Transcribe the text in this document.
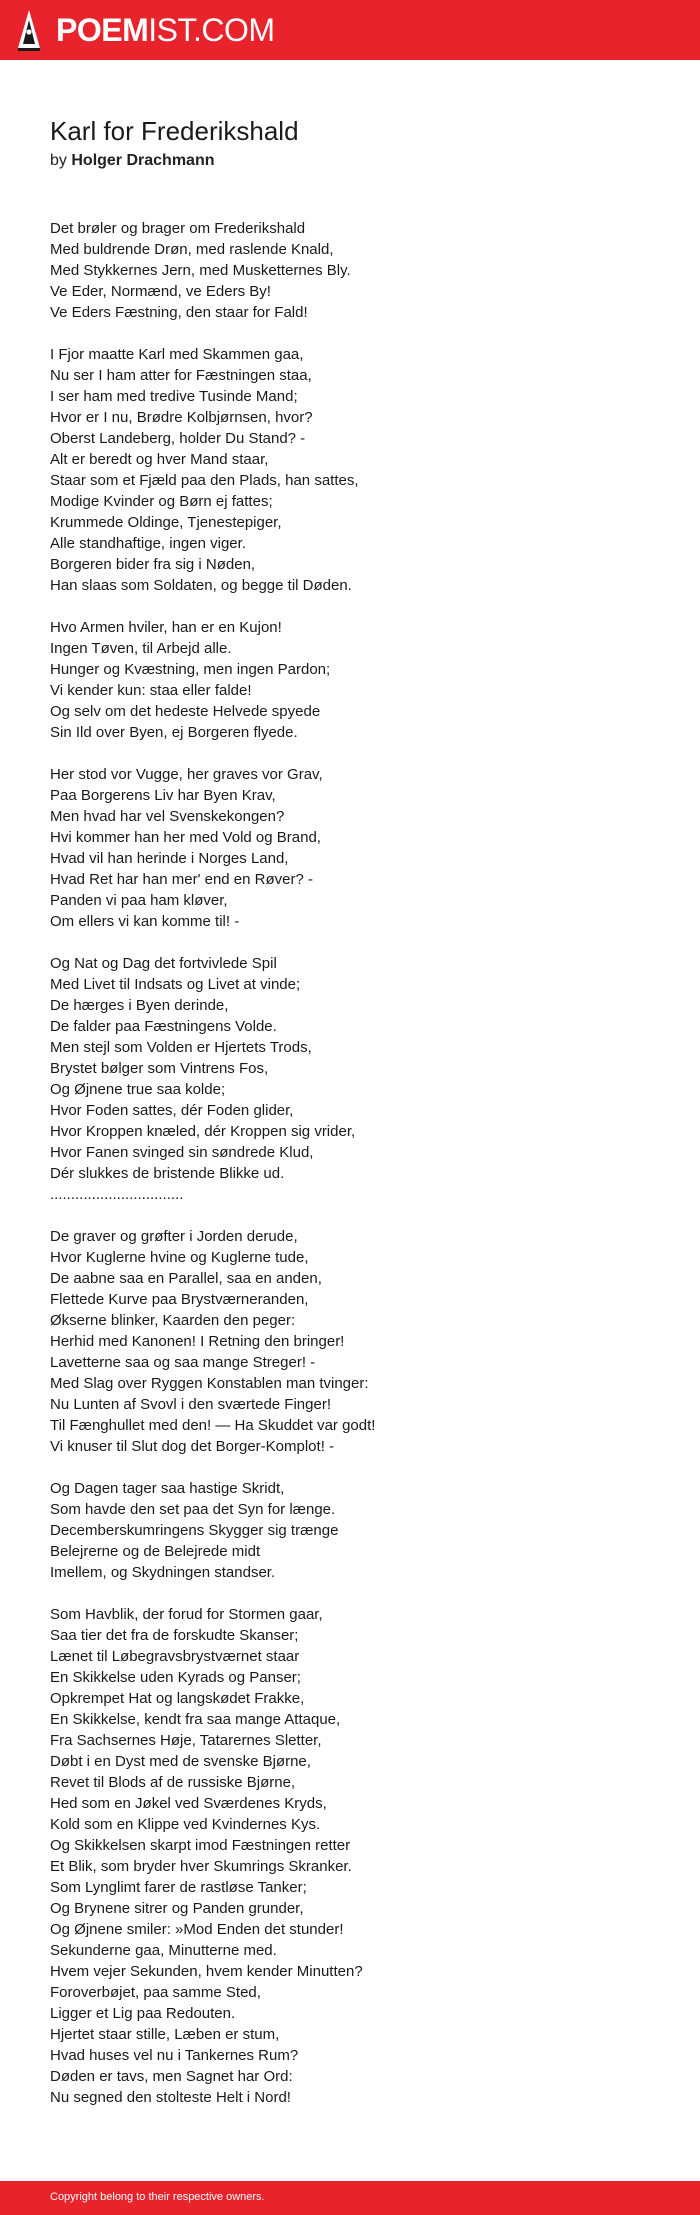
POEMIST.COM
Karl for Frederikshald
by Holger Drachmann
Det brøler og brager om Frederikshald
Med buldrende Drøn, med raslende Knald,
Med Stykkernes Jern, med Musketternes Bly.
Ve Eder, Normænd, ve Eders By!
Ve Eders Fæstning, den staar for Fald!
I Fjor maatte Karl med Skammen gaa,
Nu ser I ham atter for Fæstningen staa,
I ser ham med tredive Tusinde Mand;
Hvor er I nu, Brødre Kolbjørnsen, hvor?
Oberst Landeberg, holder Du Stand? -
Alt er beredt og hver Mand staar,
Staar som et Fjæld paa den Plads, han sattes,
Modige Kvinder og Børn ej fattes;
Krummede Oldinge, Tjenestepiger,
Alle standhaftige, ingen viger.
Borgeren bider fra sig i Nøden,
Han slaas som Soldaten, og begge til Døden.
Hvo Armen hviler, han er en Kujon!
Ingen Tøven, til Arbejd alle.
Hunger og Kvæstning, men ingen Pardon;
Vi kender kun: staa eller falde!
Og selv om det hedeste Helvede spyede
Sin Ild over Byen, ej Borgeren flyede.
Her stod vor Vugge, her graves vor Grav,
Paa Borgerens Liv har Byen Krav,
Men hvad har vel Svenskekongen?
Hvi kommer han her med Vold og Brand,
Hvad vil han herinde i Norges Land,
Hvad Ret har han mer' end en Røver? -
Panden vi paa ham kløver,
Om ellers vi kan komme til! -
Og Nat og Dag det fortvivlede Spil
Med Livet til Indsats og Livet at vinde;
De hærges i Byen derinde,
De falder paa Fæstningens Volde.
Men stejl som Volden er Hjertets Trods,
Brystet bølger som Vintrens Fos,
Og Øjnene true saa kolde;
Hvor Foden sattes, dér Foden glider,
Hvor Kroppen knæled, dér Kroppen sig vrider,
Hvor Fanen svinged sin søndrede Klud,
Dér slukkes de bristende Blikke ud.
................................
De graver og grøfter i Jorden derude,
Hvor Kuglerne hvine og Kuglerne tude,
De aabne saa en Parallel, saa en anden,
Flettede Kurve paa Brystværneranden,
Økserne blinker, Kaarden den peger:
Herhid med Kanonen! I Retning den bringer!
Lavetterne saa og saa mange Streger! -
Med Slag over Ryggen Konstablen man tvinger:
Nu Lunten af Svovl i den sværtede Finger!
Til Fænghullet med den! — Ha Skuddet var godt!
Vi knuser til Slut dog det Borger-Komplot! -
Og Dagen tager saa hastige Skridt,
Som havde den set paa det Syn for længe.
Decemberskumringens Skygger sig trænge
Belejrerne og de Belejrede midt
Imellem, og Skydningen standser.
Som Havblik, der forud for Stormen gaar,
Saa tier det fra de forskudte Skanser;
Lænet til Løbegravsbrystværnet staar
En Skikkelse uden Kyrads og Panser;
Opkrempet Hat og langskødet Frakke,
En Skikkelse, kendt fra saa mange Attaque,
Fra Sachsernes Høje, Tatarernes Sletter,
Døbt i en Dyst med de svenske Bjørne,
Revet til Blods af de russiske Bjørne,
Hed som en Jøkel ved Sværdenes Kryds,
Kold som en Klippe ved Kvindernes Kys.
Og Skikkelsen skarpt imod Fæstningen retter
Et Blik, som bryder hver Skumrings Skranker.
Som Lynglimt farer de rastløse Tanker;
Og Brynene sitrer og Panden grunder,
Og Øjnene smiler: »Mod Enden det stunder!
Sekunderne gaa, Minutterne med.
Hvem vejer Sekunden, hvem kender Minutten?
Foroverbøjet, paa samme Sted,
Ligger et Lig paa Redouten.
Hjertet staar stille, Læben er stum,
Hvad huses vel nu i Tankernes Rum?
Døden er tavs, men Sagnet har Ord:
Nu segned den stolteste Helt i Nord!
Copyright belong to their respective owners.
